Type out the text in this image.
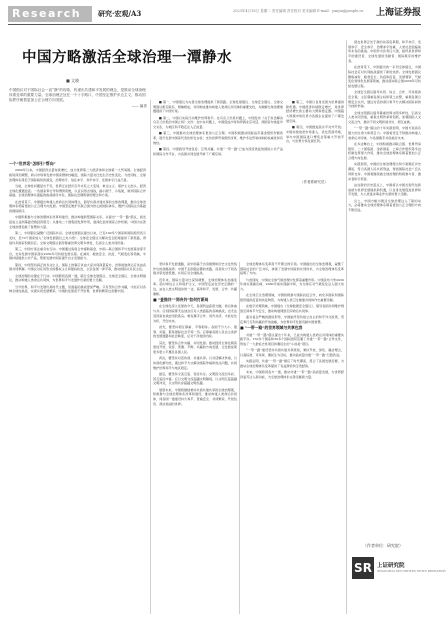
Research 研究·宏观/A3	2023年4月18日 星期二 责任编辑 责任校对 美术编辑 E-mail：yanjiu@people.cn 上海证券报
中国方略激活全球治理一潭静水
■ 文晓
中国倡议对于国际社会一直“静”的现象，传递出共建和平发展的理念，是推动全球治理体系变革的重要力量。全球治理正处在一个十字路口，中国坚定维护多边主义，推动国际秩序朝着更加公正合理方向发展。
—— 编者

一个“世界话”怎样引“帮向”

2000年以来，中国经济总量持续增长，成为世界第二大经济体和全球第一大贸易国。全球经济格局深刻调整，新兴市场和发展中国家群体性崛起，国际力量对比发生历史性变化。与此同时，全球治理体系滞后于国际格局的演变，治理赤字、信任赤字、和平赤字、发展赤字日益凸显。

当前，全球性问题层出不穷，世界正在经历百年未有之大变局。单边主义、保护主义抬头，经济全球化遭遇逆流。一些国家奉行零和博弈思维，以意识形态划线，搞小圈子、小集团，破坏国际合作基础。全球治理体系面临的挑战前所未有，国际社会期盼新的理念和方案。

在此背景下，中国提出构建人类命运共同体理念，倡导共商共建共享的全球治理观，推动全球治理体系朝着更加公正合理方向发展。中国坚定维护以联合国为核心的国际体系，维护以国际法为基础的国际秩序。

中国积极参与全球治理体系改革和建设，推动构建新型国际关系。从提出“一带一路”倡议，到发起成立亚洲基础设施投资银行；从推动二十国集团发挥作用，到深化金砖国家合作机制，中国为完善全球治理贡献了智慧和力量。

第二，中国倡议凝聚广泛国际共识。全球发展倡议提出以来，已有100多个国家和国际组织表示支持，近70个国家加入“全球发展倡议之友小组”。全球安全倡议为解决安全困境提供了新思路，得到许多国家积极回应。全球文明倡议倡导尊重世界文明多样性，弘扬全人类共同价值。

第三，中国方案注重务实行动。中国通过南南合作援助基金、中国—联合国和平与发展基金等平台，支持发展中国家落实2030年可持续发展议程。在减贫、粮食安全、抗疫、气候变化等领域，中国持续提供公共产品，帮助发展中国家提升自主发展能力。

第四，中国坚持真正的多边主义。国际上的事应该由大家共同商量着办，世界前途命运应该由各国共同掌握。中国反对任何形式的霸权主义和强权政治，主张各国一律平等，推动国际关系民主化。

全球治理的关键在于行动。中国愿同各国一道，践行全球发展倡议、全球安全倡议、全球文明倡议，推动构建人类命运共同体，为世界和平与发展作出新的更大贡献。

当今世界，和平与发展仍是时代主题，但面临的挑战更加严峻。只有坚持合作共赢，才能应对各种全球性挑战，实现共同发展繁荣。中国的发展离不开世界，世界的繁荣也需要中国。

■ 第一，中国倡议为完善全球治理提供了新思路。全球发展倡议、全球安全倡议、全球文明倡议相互联系、相辅相成，共同构成推动构建人类命运共同体的重要支柱，为破解全球治理难题提供了中国方案。

■ 第二，中国以实际行动维护世界和平。在乌克兰危机问题上，中国发布《关于政治解决乌克兰危机的中国立场》文件；在中东问题上，中国促成沙特和伊朗北京对话，两国宣布恢复外交关系，为地区和平稳定注入正能量。

■ 第三，中国推动全球治理体系更加公正合理。中国积极推动国际货币基金组织份额改革，提升发展中国家代表性和发言权；支持世界贸易组织改革，维护多边贸易体制的权威性和有效性。

■ 第四，中国倡导开放包容、互利共赢。共建“一带一路”已成为深受欢迎的国际公共产品和国际合作平台，为各国共同发展开辟了广阔空间。

坚持和平发展道路，是中国基于自身国情和历史文化传统作出的战略抉择。中国不走国强必霸的老路，而是致力于同各国共享发展机遇，共同应对全球挑战。

近年来，国际力量对比深刻调整，全球治理体系加速变革。面对单边主义和保护主义，中国坚定站在历史正确的一边，站在人类文明进步的一边，高举和平、发展、合作、共赢旗帜。

■ “查推共”“同舟共”如何打新局

在全球化深入发展的今天，各国利益高度交融，命运休戚与共。任何国家都无法独自应对人类面临的各种挑战，也无法退回到自我封闭的孤岛。唯有携手合作、同舟共济，才能化危为机、开创未来。

首先，要坚持相互尊重、平等相待。各国不分大小、强弱、贫富，都是国际社会平等一员。应尊重各国人民自主选择的发展道路和社会制度，反对干涉他国内政。

其次，要坚持合作共赢、共同发展。推动经济全球化朝着更加开放、包容、普惠、平衡、共赢的方向发展，让发展成果更多更公平惠及各国人民。

再次，要坚持对话协商、共建共享。以对话解决争端，以协商化解分歧，通过和平方式解决国际争端和热点问题，共同维护世界和平与地区稳定。

最后，要坚持交流互鉴、包容共生。文明因交流而多彩，因互鉴而丰富。应以文明交流超越文明隔阂，以文明互鉴超越文明冲突，以文明共存超越文明优越。

展望未来，中国将继续秉持共商共建共享的全球治理观，积极参与全球治理体系改革和建设，推动构建人类命运共同体，同各国一道建设持久和平、普遍安全、共同繁荣、开放包容、清洁美丽的世界。

■ 第三，中国以自身发展为世界提供新机遇。中国经济持续稳定增长，是世界经济增长的主要动力源和稳定器。中国超大规模市场优势为各国企业提供了广阔发展空间。

■ 第四，中国推进高水平对外开放。中国持续放宽市场准入，优化营商环境，举办中国国际进口博览会等重大开放平台，与世界分享发展红利。

全球治理体系变革离不开理念的引领。中国提出的全球治理观，凝聚了国际社会的广泛共识，体现了发展中国家的共同诉求，为全球治理体系变革指明了方向。

与此同时，中国在全球气候治理中发挥着重要作用。中国宣布力争2030年前实现碳达峰、2060年前实现碳中和，为全球应对气候变化注入强大动力。

在全球卫生治理领域，中国积极参与国际抗疫合作，向众多国家和国际组织提供疫苗和抗疫物资，为构建人类卫生健康共同体作出重要贡献。

在数字治理领域，中国提出《全球数据安全倡议》，倡导各国共同维护网络空间和平与安全，推动构建网络空间命运共同体。

面对复杂严峻的国际形势，中国始终坚持独立自主的和平外交政策，坚定奉行互利共赢的开放战略，为世界和平发展贡献中国智慧。

■ “一带一路”的世界领域与共享包容

共建“一带一路”倡议提出十年来，已成为构建人类命运共同体的重要实践平台。150多个国家和30多个国际组织签署了共建“一带一路”合作文件，形成了一大批标志性项目和惠民生的“小而美”项目。

“一带一路”建设坚持共商共建共享原则，秉持开放、绿色、廉洁理念，以高标准、可持续、惠民生为目标，推动高质量共建“一带一路”行稳致远。

实践证明，共建“一带一路”顺应了时代潮流，契合了各国发展需要，为推动全球治理体系变革提供了有益探索和宝贵经验。

未来，中国将同各方一道，推动共建“一带一路”高质量发展，为世界经济复苏注入新动能，为全球治理体系完善贡献新力量。

现在世界正处于新的动荡变革期，和平赤字、发展赤字、安全赤字、治理赤字加重，人类社会面临前所未有的挑战。中国作为负责任大国，始终是世界和平的建设者、全球发展的贡献者、国际秩序的维护者。

在此背景下，中国提出的一系列全球倡议，为国际社会应对共同挑战提供了新的选择。全球发展倡议聚焦减贫、粮食安全、抗疫和疫苗、发展筹资、气候变化和绿色发展等领域，推动落实联合国2030年可持续发展议程。

全球安全倡议倡导共同、综合、合作、可持续的安全观，主张尊重各国主权和领土完整，重视各国合理安全关切，通过对话协商以和平方式解决国家间的分歧和争端。

全球文明倡议倡导尊重世界文明多样性，弘扬全人类共同价值，重视文明传承和创新，加强国际人文交流合作，推动不同文明和谐共处、相互成就。

“一带一路”倡议的十年实践表明，中国方案具有强大的生命力和感召力。中国将坚定不移推动构建人类命运共同体，与各国携手共创美好未来。

在多边舞台上，中国积极推动联合国、世界贸易组织、二十国集团、金砖国家、上海合作组织等多边机制发挥更大作用，推动全球治理体系朝着更加公正合理方向发展。

实践表明，中国的全球治理理念和方案顺应历史潮流，符合各国人民共同利益，得到国际社会广泛认同和支持。中国将继续做全球治理的积极参与者、推动者和引领者。

站在新的历史起点上，中国将以中国式现代化新成就为世界发展提供新机遇，以自身发展促进世界和平发展，为人类进步事业作出新的更大贡献。

总之，中国方略为激活全球治理注入了新的动力，必将推动全球治理体系朝着更加公正合理的方向不断迈进。

（作者系研究员）
（作者单位：研究院）
SR 上证研究院
SHANGHAI SECURITIES NEWS RESEARCH
